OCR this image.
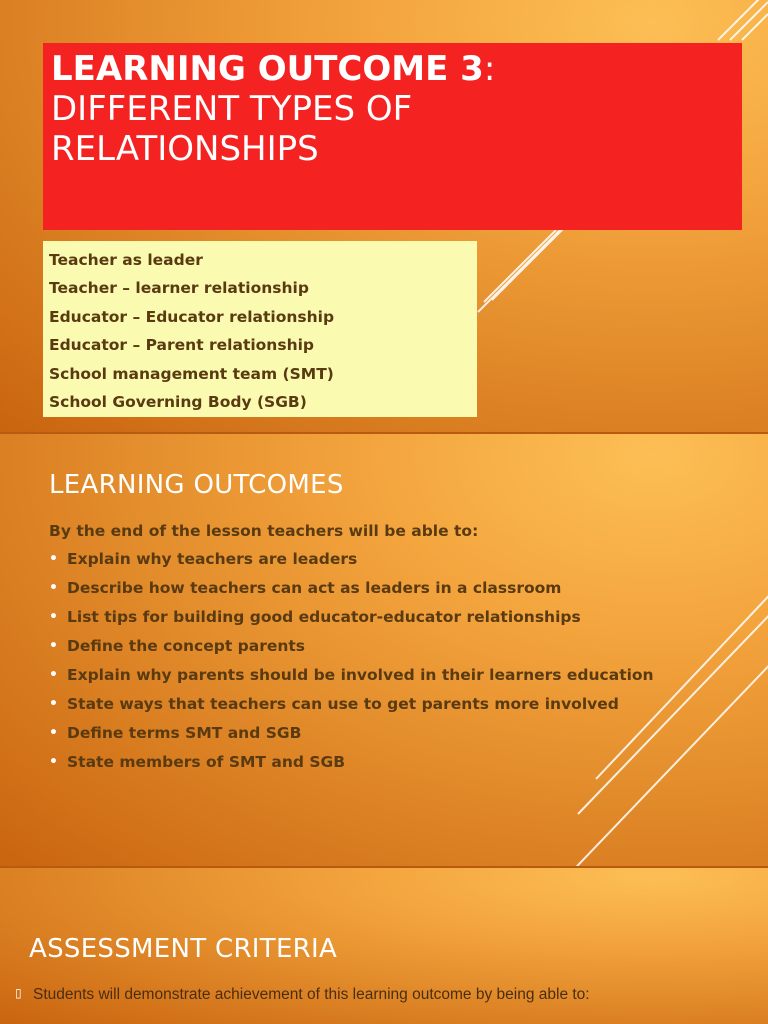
LEARNING OUTCOME 3:
DIFFERENT TYPES OF
RELATIONSHIPS
Teacher as leader
Teacher – learner relationship
Educator – Educator relationship
Educator – Parent relationship
School management team (SMT)
School Governing Body (SGB)
LEARNING OUTCOMES
By the end of the lesson teachers will be able to:
• Explain why teachers are leaders
• Describe how teachers can act as leaders in a classroom
• List tips for building good educator-educator relationships
• Define the concept parents
• Explain why parents should be involved in their learners education
• State ways that teachers can use to get parents more involved
• Define terms SMT and SGB
• State members of SMT and SGB
ASSESSMENT CRITERIA
▯ Students will demonstrate achievement of this learning outcome by being able to:
